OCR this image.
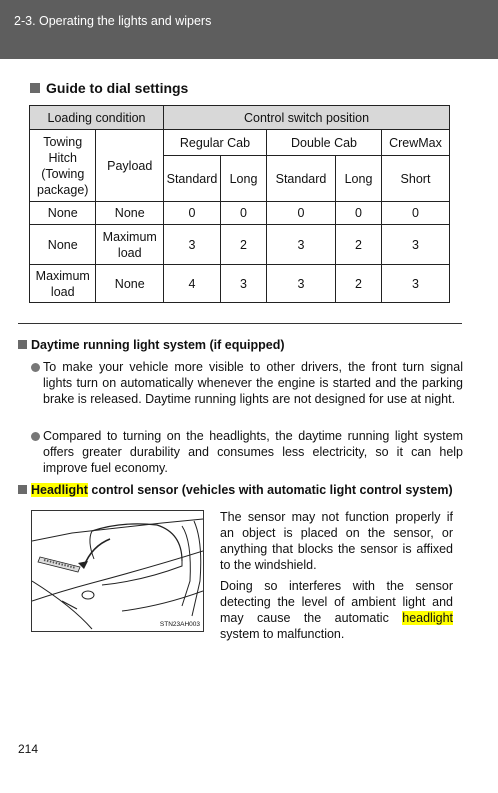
2-3. Operating the lights and wipers
Guide to dial settings
Loading condition		Control switch position				
Towing Hitch (Towing package)	Payload	Regular Cab		Double Cab		CrewMax
		Standard	Long	Standard	Long	Short
None	None	0	0	0	0	0
None	Maximum load	3	2	3	2	3
Maximum load	None	4	3	3	2	3
Daytime running light system (if equipped)
To make your vehicle more visible to other drivers, the front turn signal lights turn on automatically whenever the engine is started and the parking brake is released. Daytime running lights are not designed for use at night.
Compared to turning on the headlights, the daytime running light system offers greater durability and consumes less electricity, so it can help improve fuel economy.
Headlight control sensor (vehicles with automatic light control system)
STN23AH003
The sensor may not function properly if an object is placed on the sensor, or anything that blocks the sensor is affixed to the windshield.
Doing so interferes with the sensor detecting the level of ambient light and may cause the automatic headlight system to malfunction.
214
